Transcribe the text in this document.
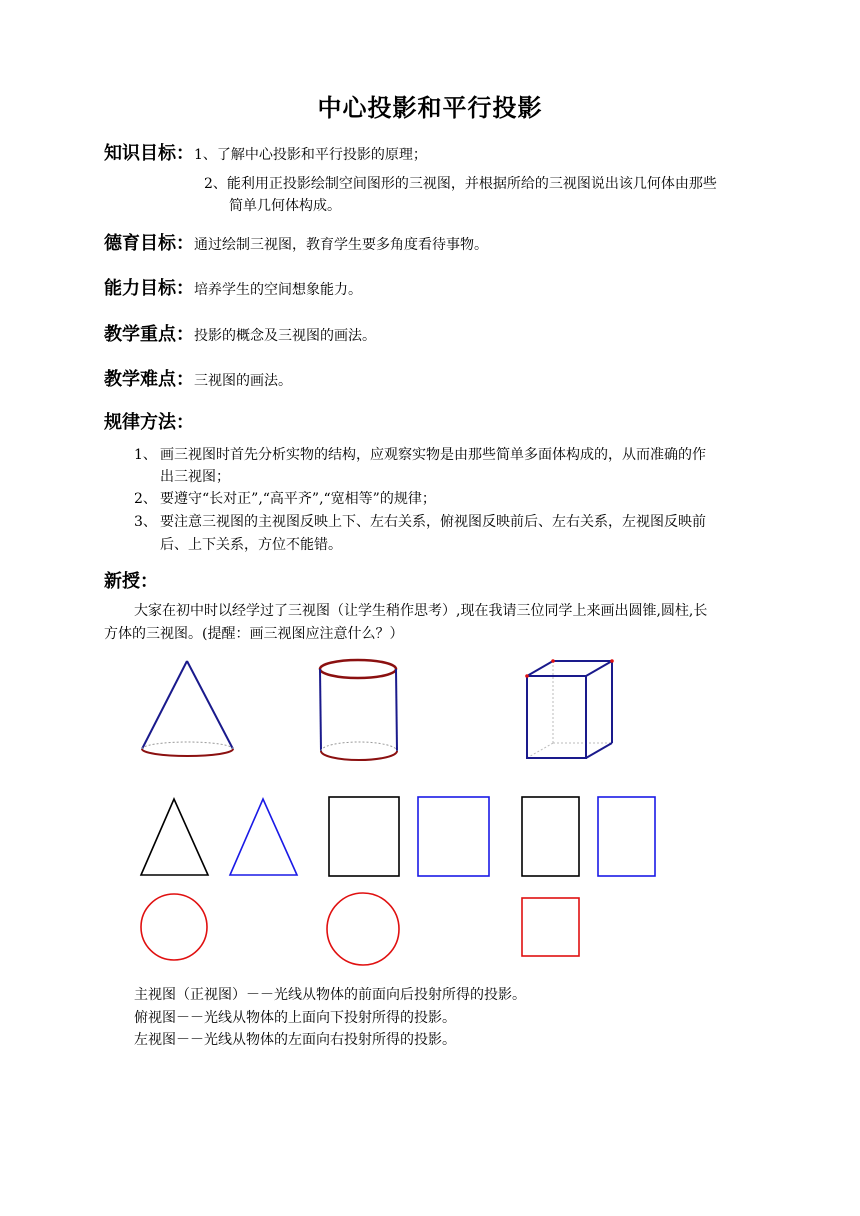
中心投影和平行投影
知识目标：1、了解中心投影和平行投影的原理；
2、能利用正投影绘制空间图形的三视图，并根据所给的三视图说出该几何体由那些
简单几何体构成。
德育目标：通过绘制三视图，教育学生要多角度看待事物。
能力目标：培养学生的空间想象能力。
教学重点：投影的概念及三视图的画法。
教学难点：三视图的画法。
规律方法：
1、 画三视图时首先分析实物的结构，应观察实物是由那些简单多面体构成的，从而准确的作
出三视图；
2、 要遵守“长对正”,“高平齐”,“宽相等”的规律；
3、 要注意三视图的主视图反映上下、左右关系，俯视图反映前后、左右关系，左视图反映前
后、上下关系，方位不能错。
新授：
大家在初中时以经学过了三视图（让学生稍作思考）,现在我请三位同学上来画出圆锥,圆柱,长
方体的三视图。(提醒：画三视图应注意什么？）
主视图（正视图）－－光线从物体的前面向后投射所得的投影。
俯视图－－光线从物体的上面向下投射所得的投影。
左视图－－光线从物体的左面向右投射所得的投影。
